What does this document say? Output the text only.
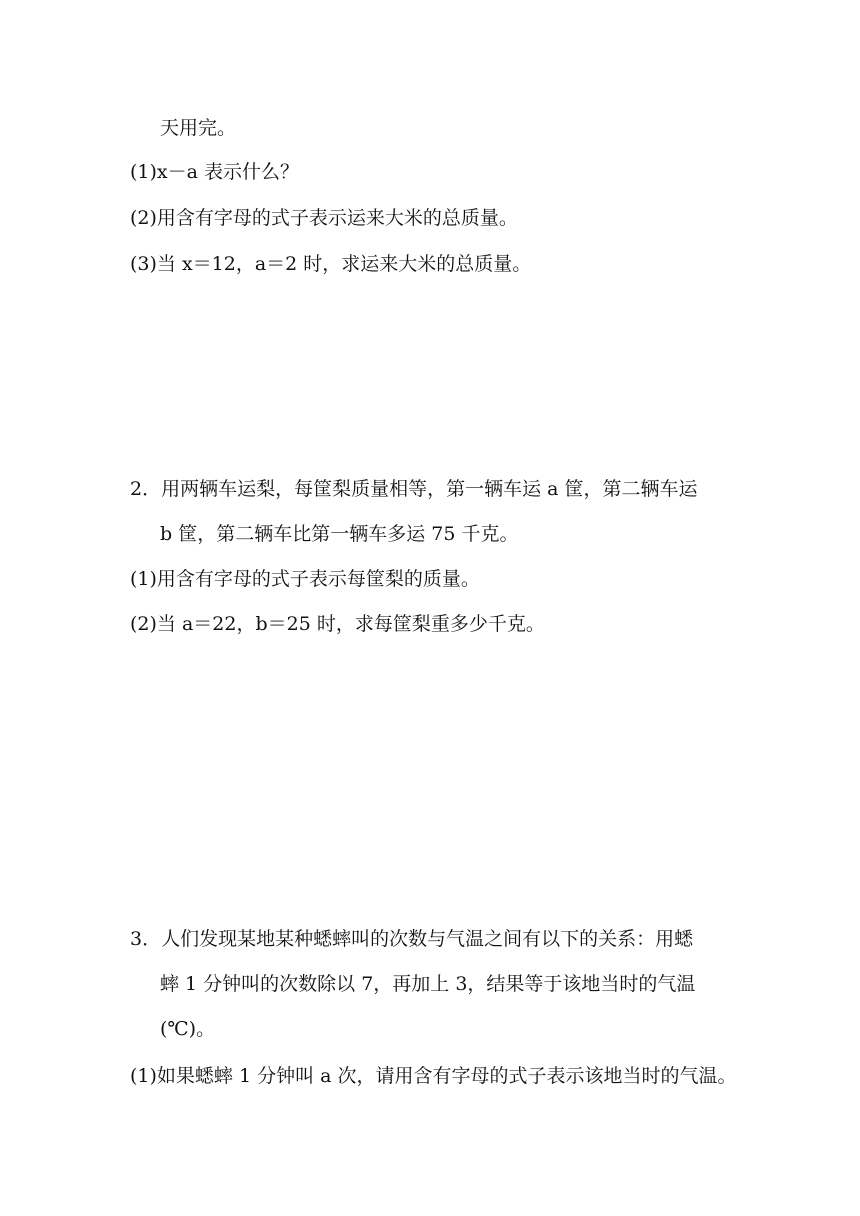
天用完。
(1)x－a 表示什么？
(2)用含有字母的式子表示运来大米的总质量。
(3)当 x＝12，a＝2 时，求运来大米的总质量。
2．用两辆车运梨，每筐梨质量相等，第一辆车运 a 筐，第二辆车运
b 筐，第二辆车比第一辆车多运 75 千克。
(1)用含有字母的式子表示每筐梨的质量。
(2)当 a＝22，b＝25 时，求每筐梨重多少千克。
3．人们发现某地某种蟋蟀叫的次数与气温之间有以下的关系：用蟋
蟀 1 分钟叫的次数除以 7，再加上 3，结果等于该地当时的气温
(℃)。
(1)如果蟋蟀 1 分钟叫 a 次，请用含有字母的式子表示该地当时的气温。
